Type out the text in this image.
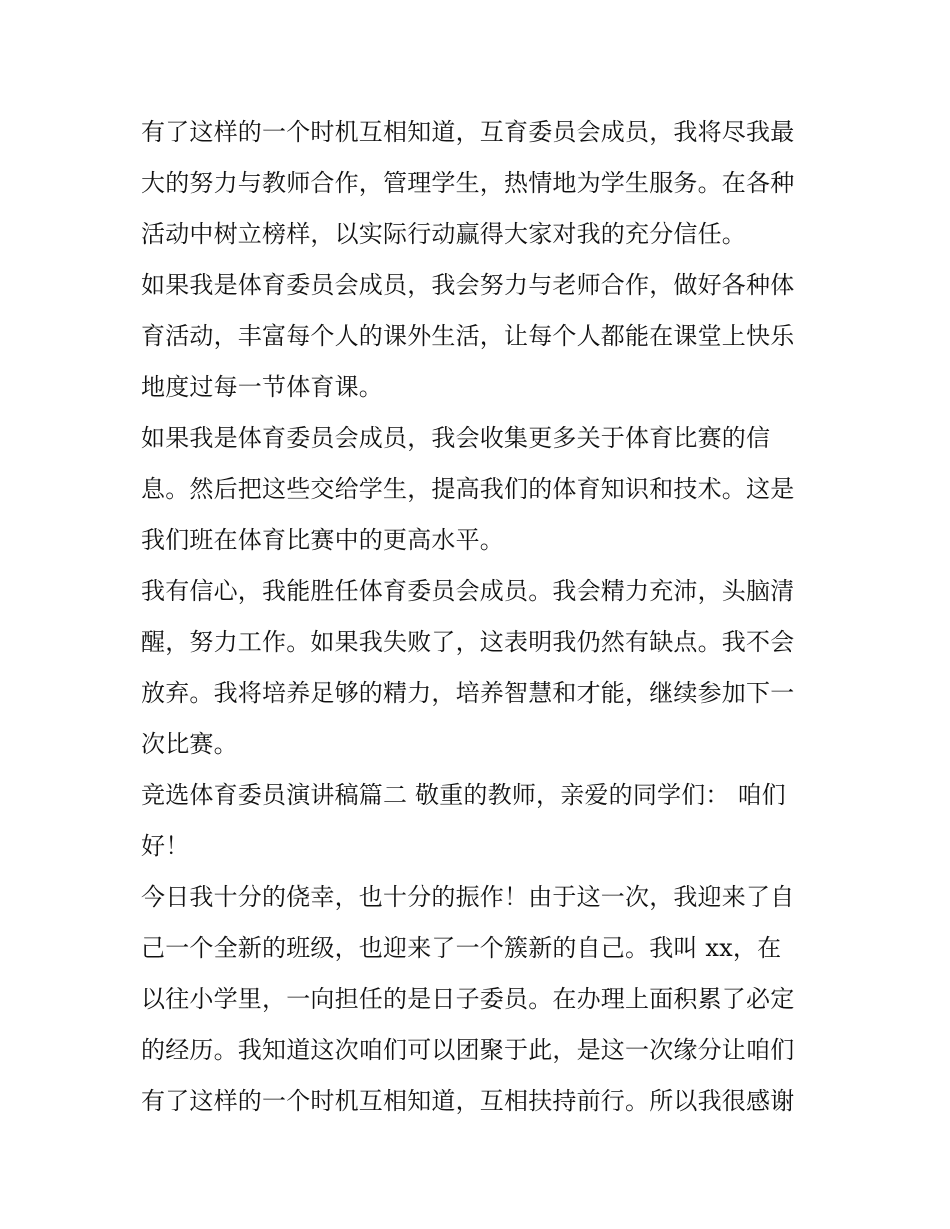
有了这样的一个时机互相知道，互育委员会成员，我将尽我最
大的努力与教师合作，管理学生，热情地为学生服务。在各种
活动中树立榜样，以实际行动赢得大家对我的充分信任。
如果我是体育委员会成员，我会努力与老师合作，做好各种体
育活动，丰富每个人的课外生活，让每个人都能在课堂上快乐
地度过每一节体育课。
如果我是体育委员会成员，我会收集更多关于体育比赛的信
息。然后把这些交给学生，提高我们的体育知识和技术。这是
我们班在体育比赛中的更高水平。
我有信心，我能胜任体育委员会成员。我会精力充沛，头脑清
醒，努力工作。如果我失败了，这表明我仍然有缺点。我不会
放弃。我将培养足够的精力，培养智慧和才能，继续参加下一
次比赛。
竞选体育委员演讲稿篇二 敬重的教师，亲爱的同学们： 咱们
好！
今日我十分的侥幸，也十分的振作！由于这一次，我迎来了自
己一个全新的班级，也迎来了一个簇新的自己。我叫 xx，在
以往小学里，一向担任的是日子委员。在办理上面积累了必定
的经历。我知道这次咱们可以团聚于此，是这一次缘分让咱们
有了这样的一个时机互相知道，互相扶持前行。所以我很感谢
